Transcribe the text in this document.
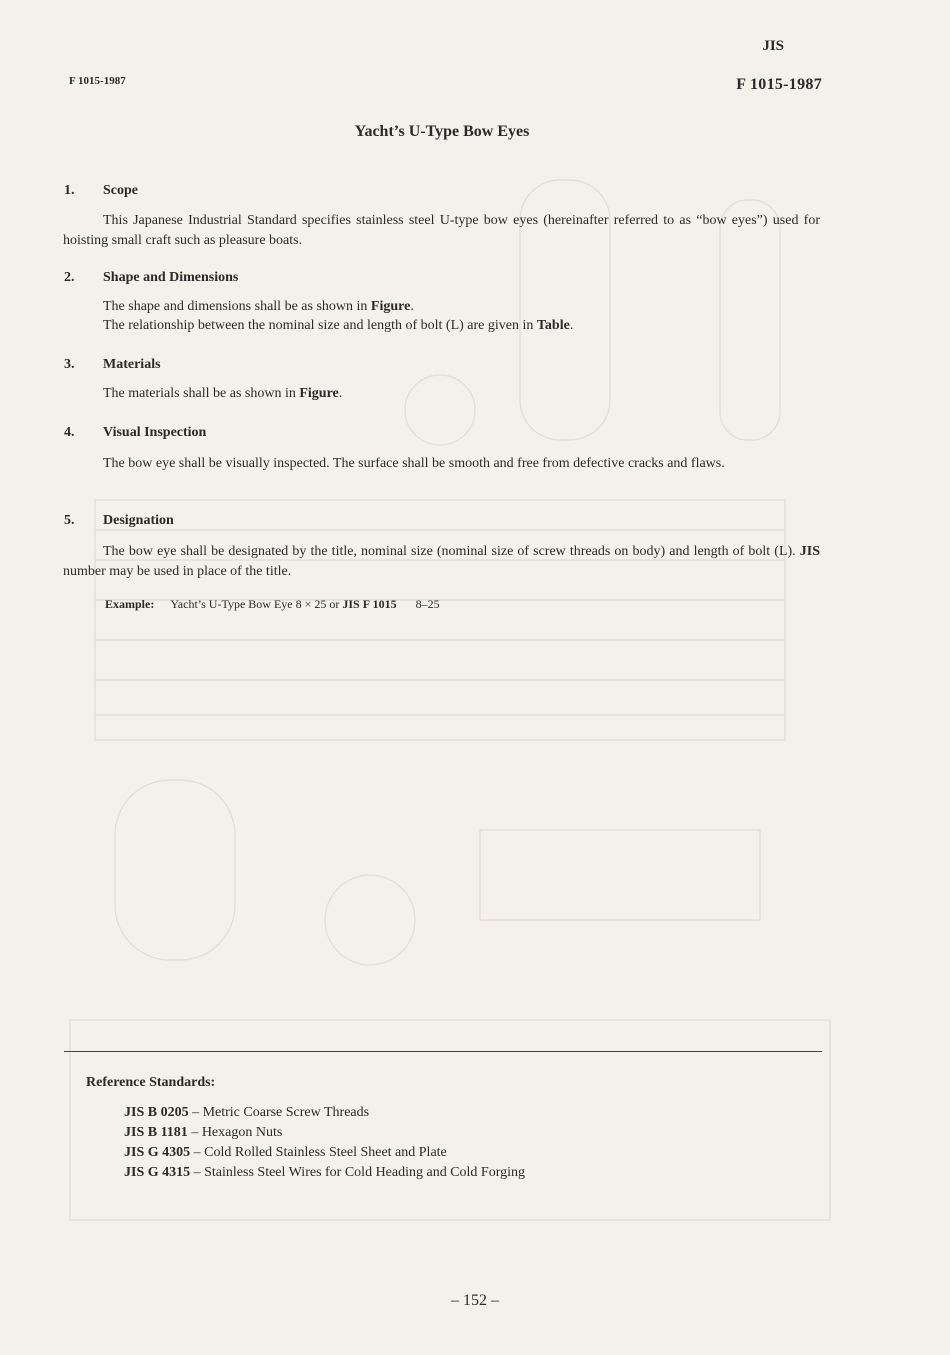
JIS
F 1015-1987	F 1015-1987
Yacht’s U-Type Bow Eyes
1. Scope
This Japanese Industrial Standard specifies stainless steel U-type bow eyes (hereinafter referred to as “bow eyes”) used for hoisting small craft such as pleasure boats.
2. Shape and Dimensions
The shape and dimensions shall be as shown in Figure.
The relationship between the nominal size and length of bolt (L) are given in Table.
3. Materials
The materials shall be as shown in Figure.
4. Visual Inspection
The bow eye shall be visually inspected. The surface shall be smooth and free from defective cracks and flaws.
5. Designation
The bow eye shall be designated by the title, nominal size (nominal size of screw threads on body) and length of bolt (L). JIS number may be used in place of the title.
Example: Yacht’s U-Type Bow Eye 8 × 25 or JIS F 1015 8–25
Reference Standards:
JIS B 0205 – Metric Coarse Screw Threads
JIS B 1181 – Hexagon Nuts
JIS G 4305 – Cold Rolled Stainless Steel Sheet and Plate
JIS G 4315 – Stainless Steel Wires for Cold Heading and Cold Forging
– 152 –
